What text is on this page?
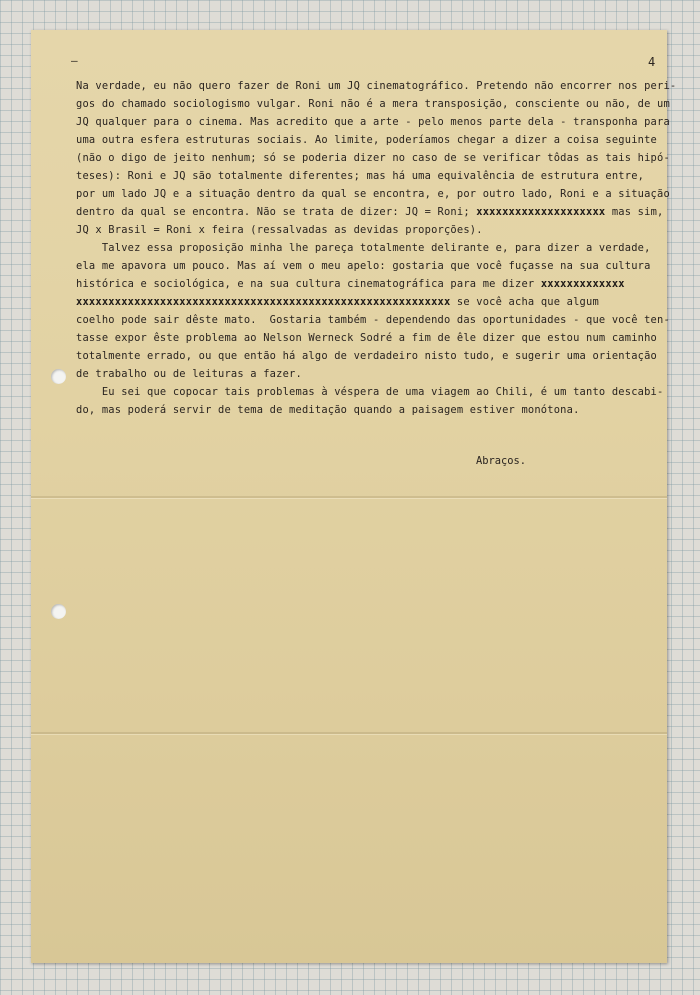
—	4
Na verdade, eu não quero fazer de Roni um JQ cinematográfico. Pretendo não encorrer nos peri-
gos do chamado sociologismo vulgar. Roni não é a mera transposição, consciente ou não, de um
JQ qualquer para o cinema. Mas acredito que a arte - pelo menos parte dela - transponha para
uma outra esfera estruturas sociais. Ao limite, poderíamos chegar a dizer a coisa seguinte
(não o digo de jeito nenhum; só se poderia dizer no caso de se verificar tôdas as tais hipó-
teses): Roni e JQ são totalmente diferentes; mas há uma equivalência de estrutura entre,
por um lado JQ e a situação dentro da qual se encontra, e, por outro lado, Roni e a situação
dentro da qual se encontra. Não se trata de dizer: JQ = Roni; xxxxxxxxxxxxxxxxxxxx mas sim,
JQ x Brasil = Roni x feira (ressalvadas as devidas proporções).
Talvez essa proposição minha lhe pareça totalmente delirante e, para dizer a verdade,
ela me apavora um pouco. Mas aí vem o meu apelo: gostaria que você fuçasse na sua cultura
histórica e sociológica, e na sua cultura cinematográfica para me dizer xxxxxxxxxxxxx
xxxxxxxxxxxxxxxxxxxxxxxxxxxxxxxxxxxxxxxxxxxxxxxxxxxxxxxxxx se você acha que algum
coelho pode sair dêste mato.  Gostaria também - dependendo das oportunidades - que você ten-
tasse expor êste problema ao Nelson Werneck Sodré a fim de êle dizer que estou num caminho
totalmente errado, ou que então há algo de verdadeiro nisto tudo, e sugerir uma orientação
de trabalho ou de leituras a fazer.
Eu sei que copocar tais problemas à véspera de uma viagem ao Chili, é um tanto descabi-
do, mas poderá servir de tema de meditação quando a paisagem estiver monótona.
Abraços.
